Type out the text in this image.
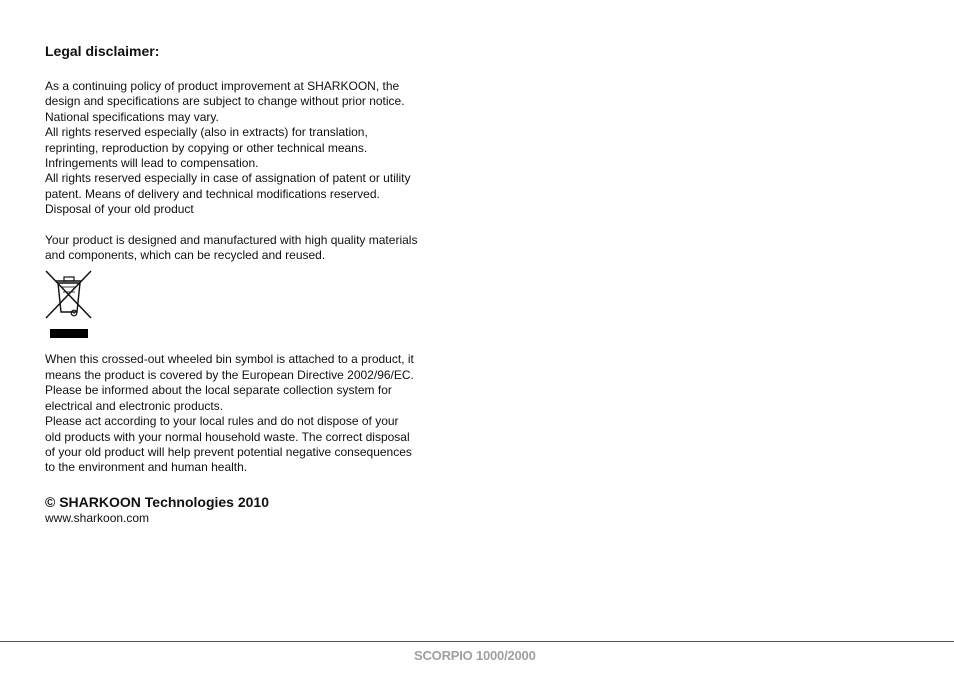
Legal disclaimer:

As a continuing policy of product improvement at SHARKOON, the
design and specifications are subject to change without prior notice.
National specifications may vary.
All rights reserved especially (also in extracts) for translation,
reprinting, reproduction by copying or other technical means.
Infringements will lead to compensation.
All rights reserved especially in case of assignation of patent or utility
patent. Means of delivery and technical modifications reserved.

Disposal of your old product

Your product is designed and manufactured with high quality materials
and components, which can be recycled and reused.

When this crossed-out wheeled bin symbol is attached to a product, it
means the product is covered by the European Directive 2002/96/EC.
Please be informed about the local separate collection system for
electrical and electronic products.
Please act according to your local rules and do not dispose of your
old products with your normal household waste. The correct disposal
of your old product will help prevent potential negative consequences
to the environment and human health.

© SHARKOON Technologies 2010
www.sharkoon.com
SCORPIO 1000/2000
